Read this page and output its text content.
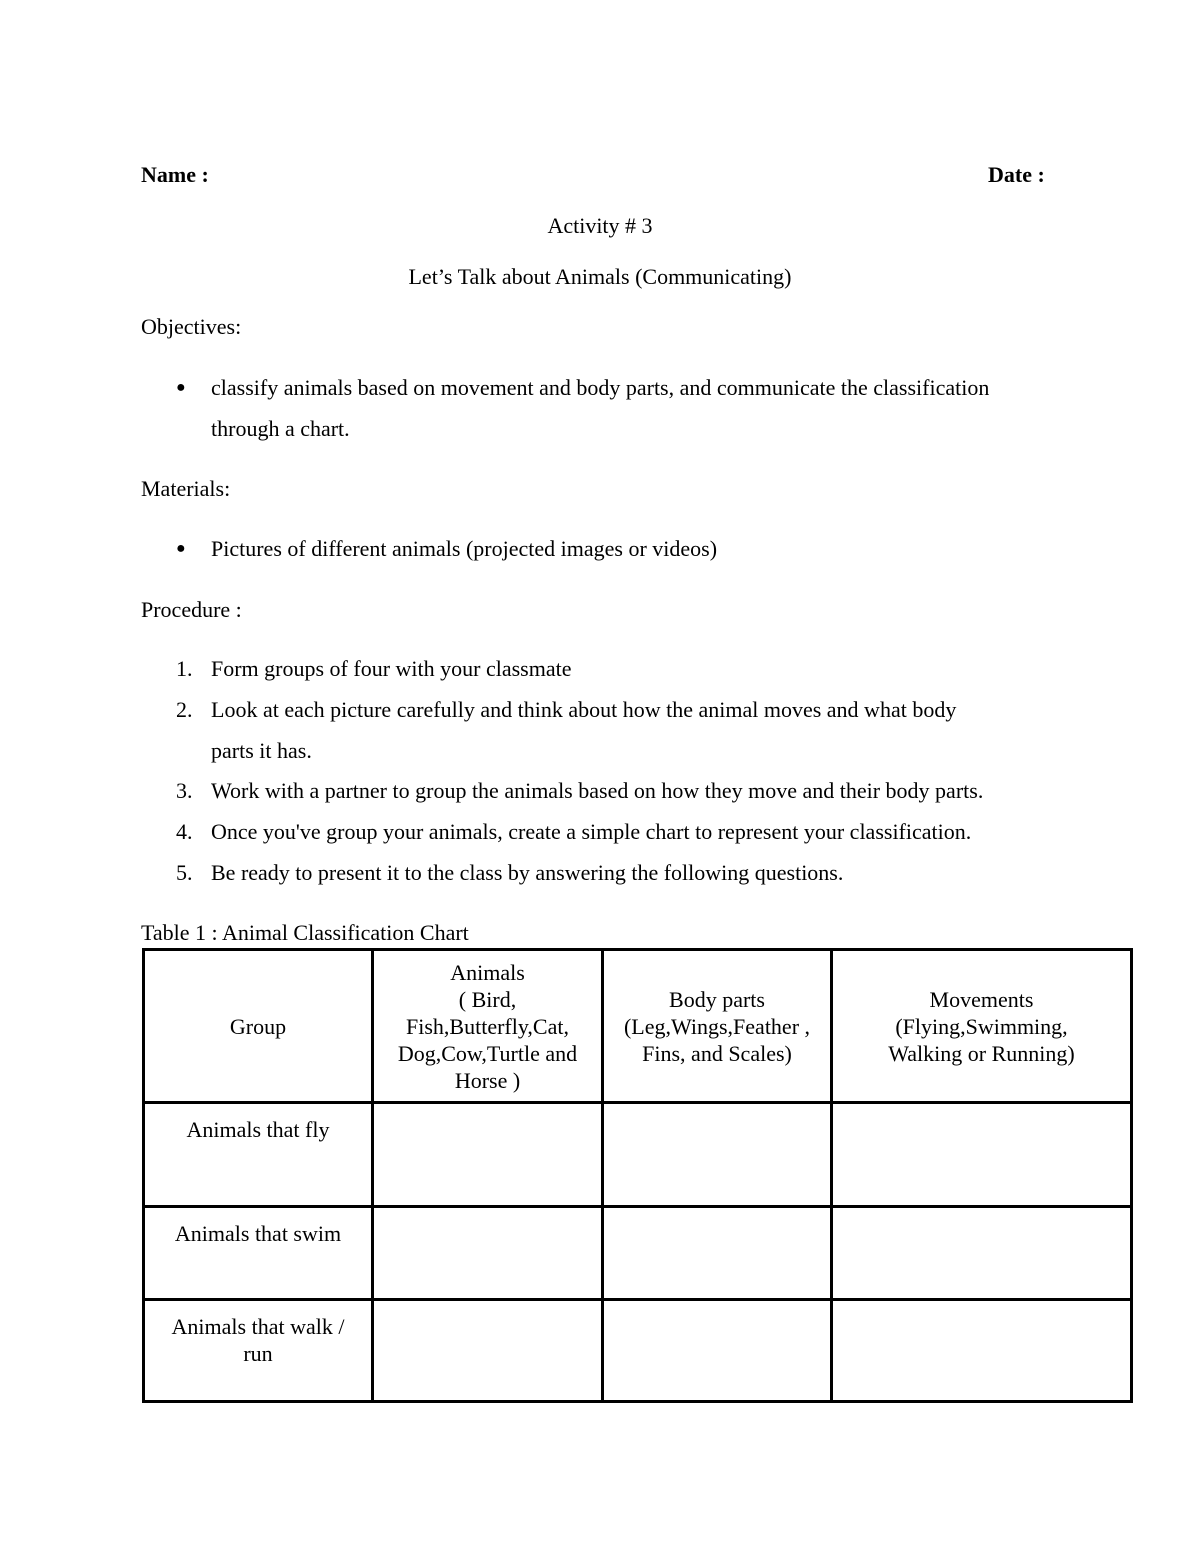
Name :	Date :
Activity # 3
Let’s Talk about Animals (Communicating)
Objectives:
● classify animals based on movement and body parts, and communicate the classification
through a chart.
Materials:
● Pictures of different animals (projected images or videos)
Procedure :
1. Form groups of four with your classmate
2. Look at each picture carefully and think about how the animal moves and what body
parts it has.
3. Work with a partner to group the animals based on how they move and their body parts.
4. Once you've group your animals, create a simple chart to represent your classification.
5. Be ready to present it to the class by answering the following questions.
Table 1 : Animal Classification Chart
Group	Animals
( Bird,
Fish,Butterfly,Cat,
Dog,Cow,Turtle and
Horse )	Body parts
(Leg,Wings,Feather ,
Fins, and Scales)	Movements
(Flying,Swimming,
Walking or Running)
Animals that fly			
Animals that swim			
Animals that walk /
run			
